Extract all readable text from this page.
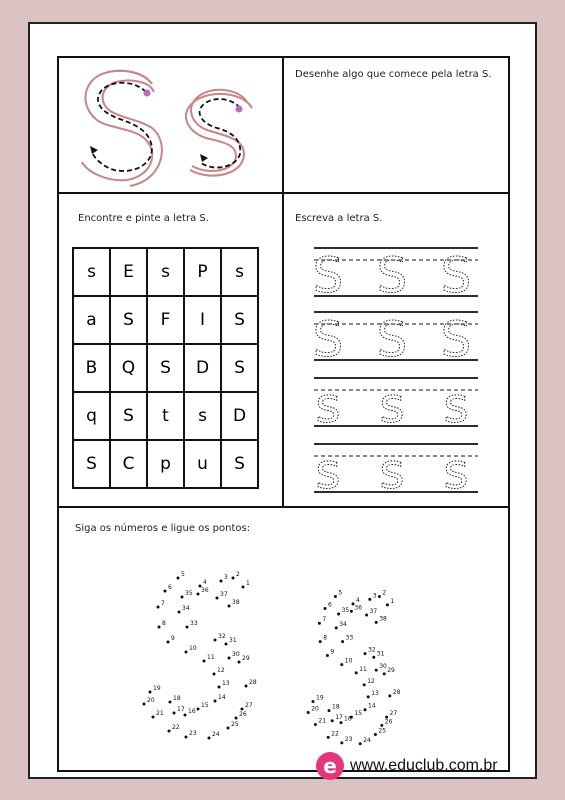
Desenhe algo que comece pela letra S.
Encontre e pinte a letra S.	Escreva a letra S.
Siga os números e ligue os pontos:
s	E	s	P	s
a	S	F	I	S
B	Q	S	D	S
q	S	t	s	D
S	C	p	u	S
S S S
S S S
s s s
s s s
1
2
3
4
5
6
7
8
9
10
11
12
13
14
15
16
17
18
19
20
21
22
23	24
25
26
27
28
29
30
31
32
33
34
35 36
37
38	1
2
3
4
5
6
7
8
9
10
11
12
13
14
15
16
17
18
19
20
21
22
23 24
25
26
27
28
29
30
31
32
33
34
35 36
37
38
e www.educlub.com.br
